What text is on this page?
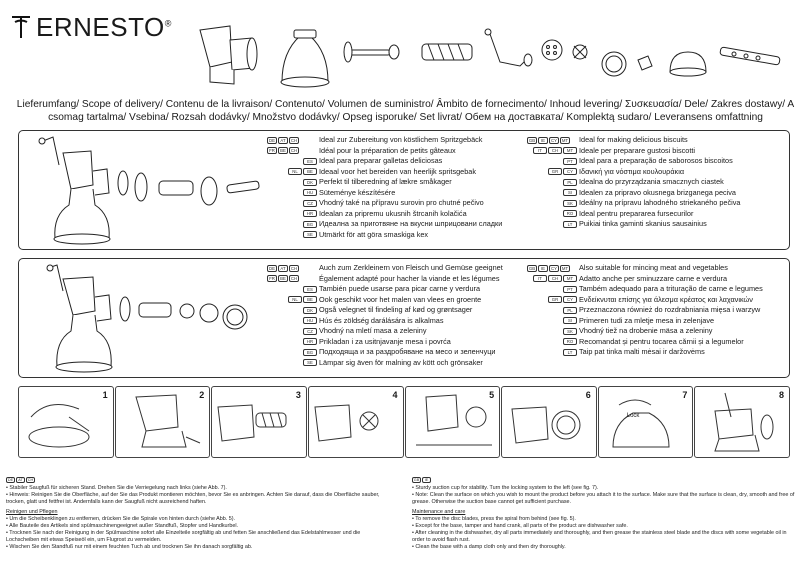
ERNESTO®
Lieferumfang/ Scope of delivery/ Contenu de la livraison/ Contenuto/ Volumen de suministro/ Âmbito de fornecimento/ Inhoud levering/ Συσκευασία/ Dele/ Zakres dostawy/ A csomag tartalma/ Vsebina/ Rozsah dodávky/ Množstvo dodávky/ Opseg isporuke/ Set livrat/ Обем на доставката/ Komplektą sudaro/ Leveransens omfattning
DE	AT	CH	Ideal zur Zubereitung von köstlichem Spritzgebäck
FR	BE	CH	Idéal pour la préparation de petits gâteaux
ES Ideal para preparar galletas deliciosas
NL	BE Ideaal voor het bereiden van heerlijk spritsgebak
DK Perfekt til tilberedning af lækre småkager
HU Süteménye készítésére
CZ Vhodný také na přípravu surovin pro chutné pečivo
HR Idealan za pripremu ukusnih štrcanih kolačića
BG Идеална за приготвяне на вкусни шприцовани сладки
SE Utmärkt för att göra smaskiga kex
GB	IE	CY	MT Ideal for making delicious biscuits
IT	CH	MT Ideale per preparare gustosi biscotti
PT Ideal para a preparação de saborosos biscoitos
GR	CY Ιδανική για νόστιμα κουλουράκια
PL Idealna do przyrządzania smacznych ciastek
SI Idealen za pripravo okusnega brizganega peciva
SK Ideálny na prípravu lahodného striekaného pečiva
RO Ideal pentru prepararea fursecurilor
LT Puikiai tinka gaminti skanius sausainius
DE	AT	CH	Auch zum Zerkleinern von Fleisch und Gemüse geeignet
FR	BE	CH	Également adapté pour hacher la viande et les légumes
ES También puede usarse para picar carne y verdura
NL	BE Ook geschikt voor het malen van vlees en groente
DK Også velegnet til findeling af kød og grøntsager
HU Hús és zöldség darálására is alkalmas
CZ Vhodný na mletí masa a zeleniny
HR Prikladan i za usitnjavanje mesa i povrća
BG Подходяща и за раздробяване на месо и зеленчуци
SE Lämpar sig även för malning av kött och grönsaker
GB	IE	CY	MT Also suitable for mincing meat and vegetables
IT	CH	MT Adatto anche per sminuzzare carne e verdura
PT Também adequado para a trituração de carne e legumes
GR	CY Ενδείκνυται επίσης για άλεσμα κρέατος και λαχανικών
PL Przeznaczona również do rozdrabniania mięsa i warzyw
SI Primeren tudi za mletje mesa in zelenjave
SK Vhodný tiež na drobenie mäsa a zeleniny
RO Recomandat și pentru tocarea cărnii și a legumelor
LT Taip pat tinka malti mėsai ir daržovėms
1	2	3	4	5	6
Lock
7	8
DE	AT	CH

• Stabiler Saugfuß für sicheren Stand. Drehen Sie die Verriegelung nach links (siehe Abb. 7).

• Hinweis: Reinigen Sie die Oberfläche, auf der Sie das Produkt montieren möchten, bevor Sie es anbringen. Achten Sie darauf, dass die Oberfläche sauber, trocken, glatt und fettfrei ist. Andernfalls kann der Saugfuß nicht ausreichend haften.

Reinigen und Pflegen

• Um die Scheibenklingen zu entfernen, drücken Sie die Spirale von hinten durch (siehe Abb. 5).

• Alle Bauteile des Artikels sind spülmaschinengeeignet außer Standfuß, Stopfer und Handkurbel.

• Trocknen Sie nach der Reinigung in der Spülmaschine sofort alle Einzelteile sorgfältig ab und fetten Sie anschließend das Edelstahlmesser und die Lochscheiben mit etwas Speiseöl ein, um Flugrost zu vermeiden.

• Wischen Sie den Standfuß nur mit einem feuchten Tuch ab und trocknen Sie ihn danach sorgfältig ab.

GB	IE

• Sturdy suction cup for stability. Turn the locking system to the left (see fig. 7).

• Note: Clean the surface on which you wish to mount the product before you attach it to the surface. Make sure that the surface is clean, dry, smooth and free of grease. Otherwise the suction base cannot get sufficient purchase.

Maintenance and care

• To remove the disc blades, press the spiral from behind (see fig. 5).

• Except for the base, tamper and hand crank, all parts of the product are dishwasher safe.

• After cleaning in the dishwasher, dry all parts immediately and thoroughly, and then grease the stainless steel blade and the discs with some vegetable oil in order to avoid flash rust.

• Clean the base with a damp cloth only and then dry thoroughly.
